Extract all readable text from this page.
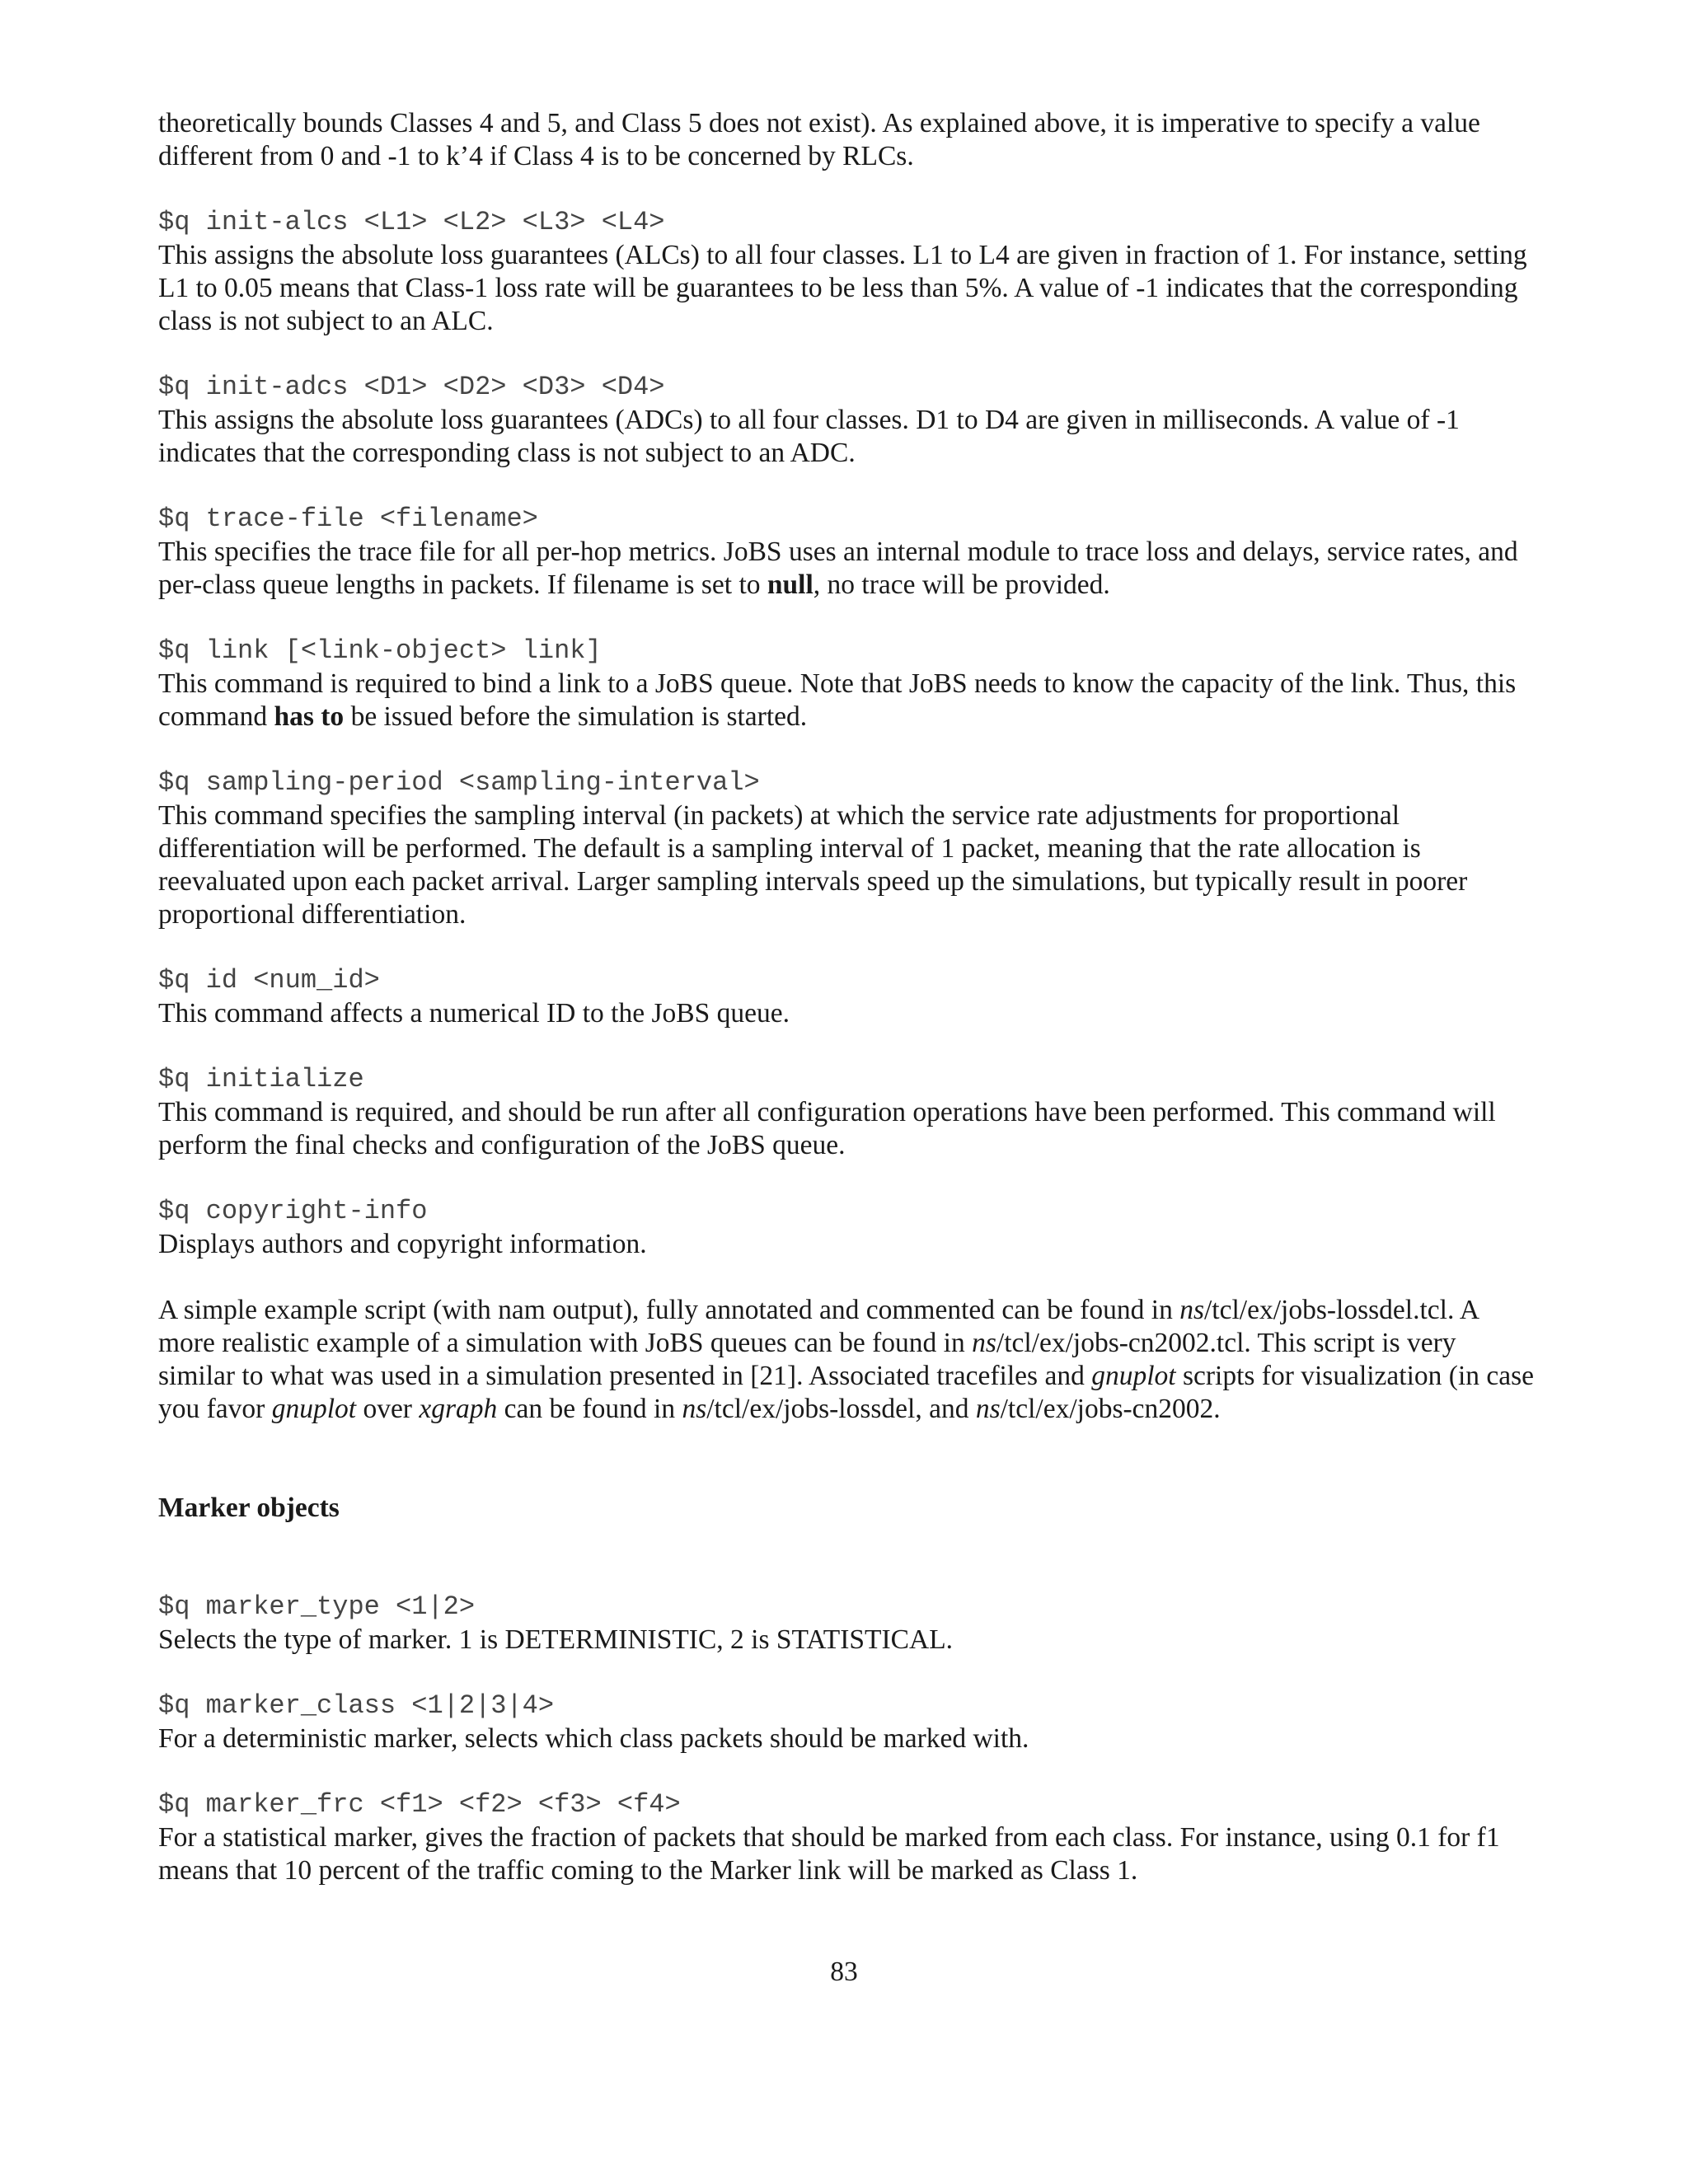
theoretically bounds Classes 4 and 5, and Class 5 does not exist). As explained above, it is imperative to specify a value

different from 0 and -1 to k’4 if Class 4 is to be concerned by RLCs.

$q init-alcs <L1> <L2> <L3> <L4>

This assigns the absolute loss guarantees (ALCs) to all four classes. L1 to L4 are given in fraction of 1. For instance, setting

L1 to 0.05 means that Class-1 loss rate will be guarantees to be less than 5%. A value of -1 indicates that the corresponding

class is not subject to an ALC.

$q init-adcs <D1> <D2> <D3> <D4>

This assigns the absolute loss guarantees (ADCs) to all four classes. D1 to D4 are given in milliseconds. A value of -1

indicates that the corresponding class is not subject to an ADC.

$q trace-file <filename>

This specifies the trace file for all per-hop metrics. JoBS uses an internal module to trace loss and delays, service rates, and

per-class queue lengths in packets. If filename is set to null, no trace will be provided.

$q link [<link-object> link]

This command is required to bind a link to a JoBS queue. Note that JoBS needs to know the capacity of the link. Thus, this

command has to be issued before the simulation is started.

$q sampling-period <sampling-interval>

This command specifies the sampling interval (in packets) at which the service rate adjustments for proportional

differentiation will be performed. The default is a sampling interval of 1 packet, meaning that the rate allocation is

reevaluated upon each packet arrival. Larger sampling intervals speed up the simulations, but typically result in poorer

proportional differentiation.

$q id <num_id>

This command affects a numerical ID to the JoBS queue.

$q initialize

This command is required, and should be run after all configuration operations have been performed. This command will

perform the final checks and configuration of the JoBS queue.

$q copyright-info

Displays authors and copyright information.

A simple example script (with nam output), fully annotated and commented can be found in ns/tcl/ex/jobs-lossdel.tcl. A

more realistic example of a simulation with JoBS queues can be found in ns/tcl/ex/jobs-cn2002.tcl. This script is very

similar to what was used in a simulation presented in [21]. Associated tracefiles and gnuplot scripts for visualization (in case

you favor gnuplot over xgraph can be found in ns/tcl/ex/jobs-lossdel, and ns/tcl/ex/jobs-cn2002.

Marker objects

$q marker_type <1|2>

Selects the type of marker. 1 is DETERMINISTIC, 2 is STATISTICAL.

$q marker_class <1|2|3|4>

For a deterministic marker, selects which class packets should be marked with.

$q marker_frc <f1> <f2> <f3> <f4>

For a statistical marker, gives the fraction of packets that should be marked from each class. For instance, using 0.1 for f1

means that 10 percent of the traffic coming to the Marker link will be marked as Class 1.

83
